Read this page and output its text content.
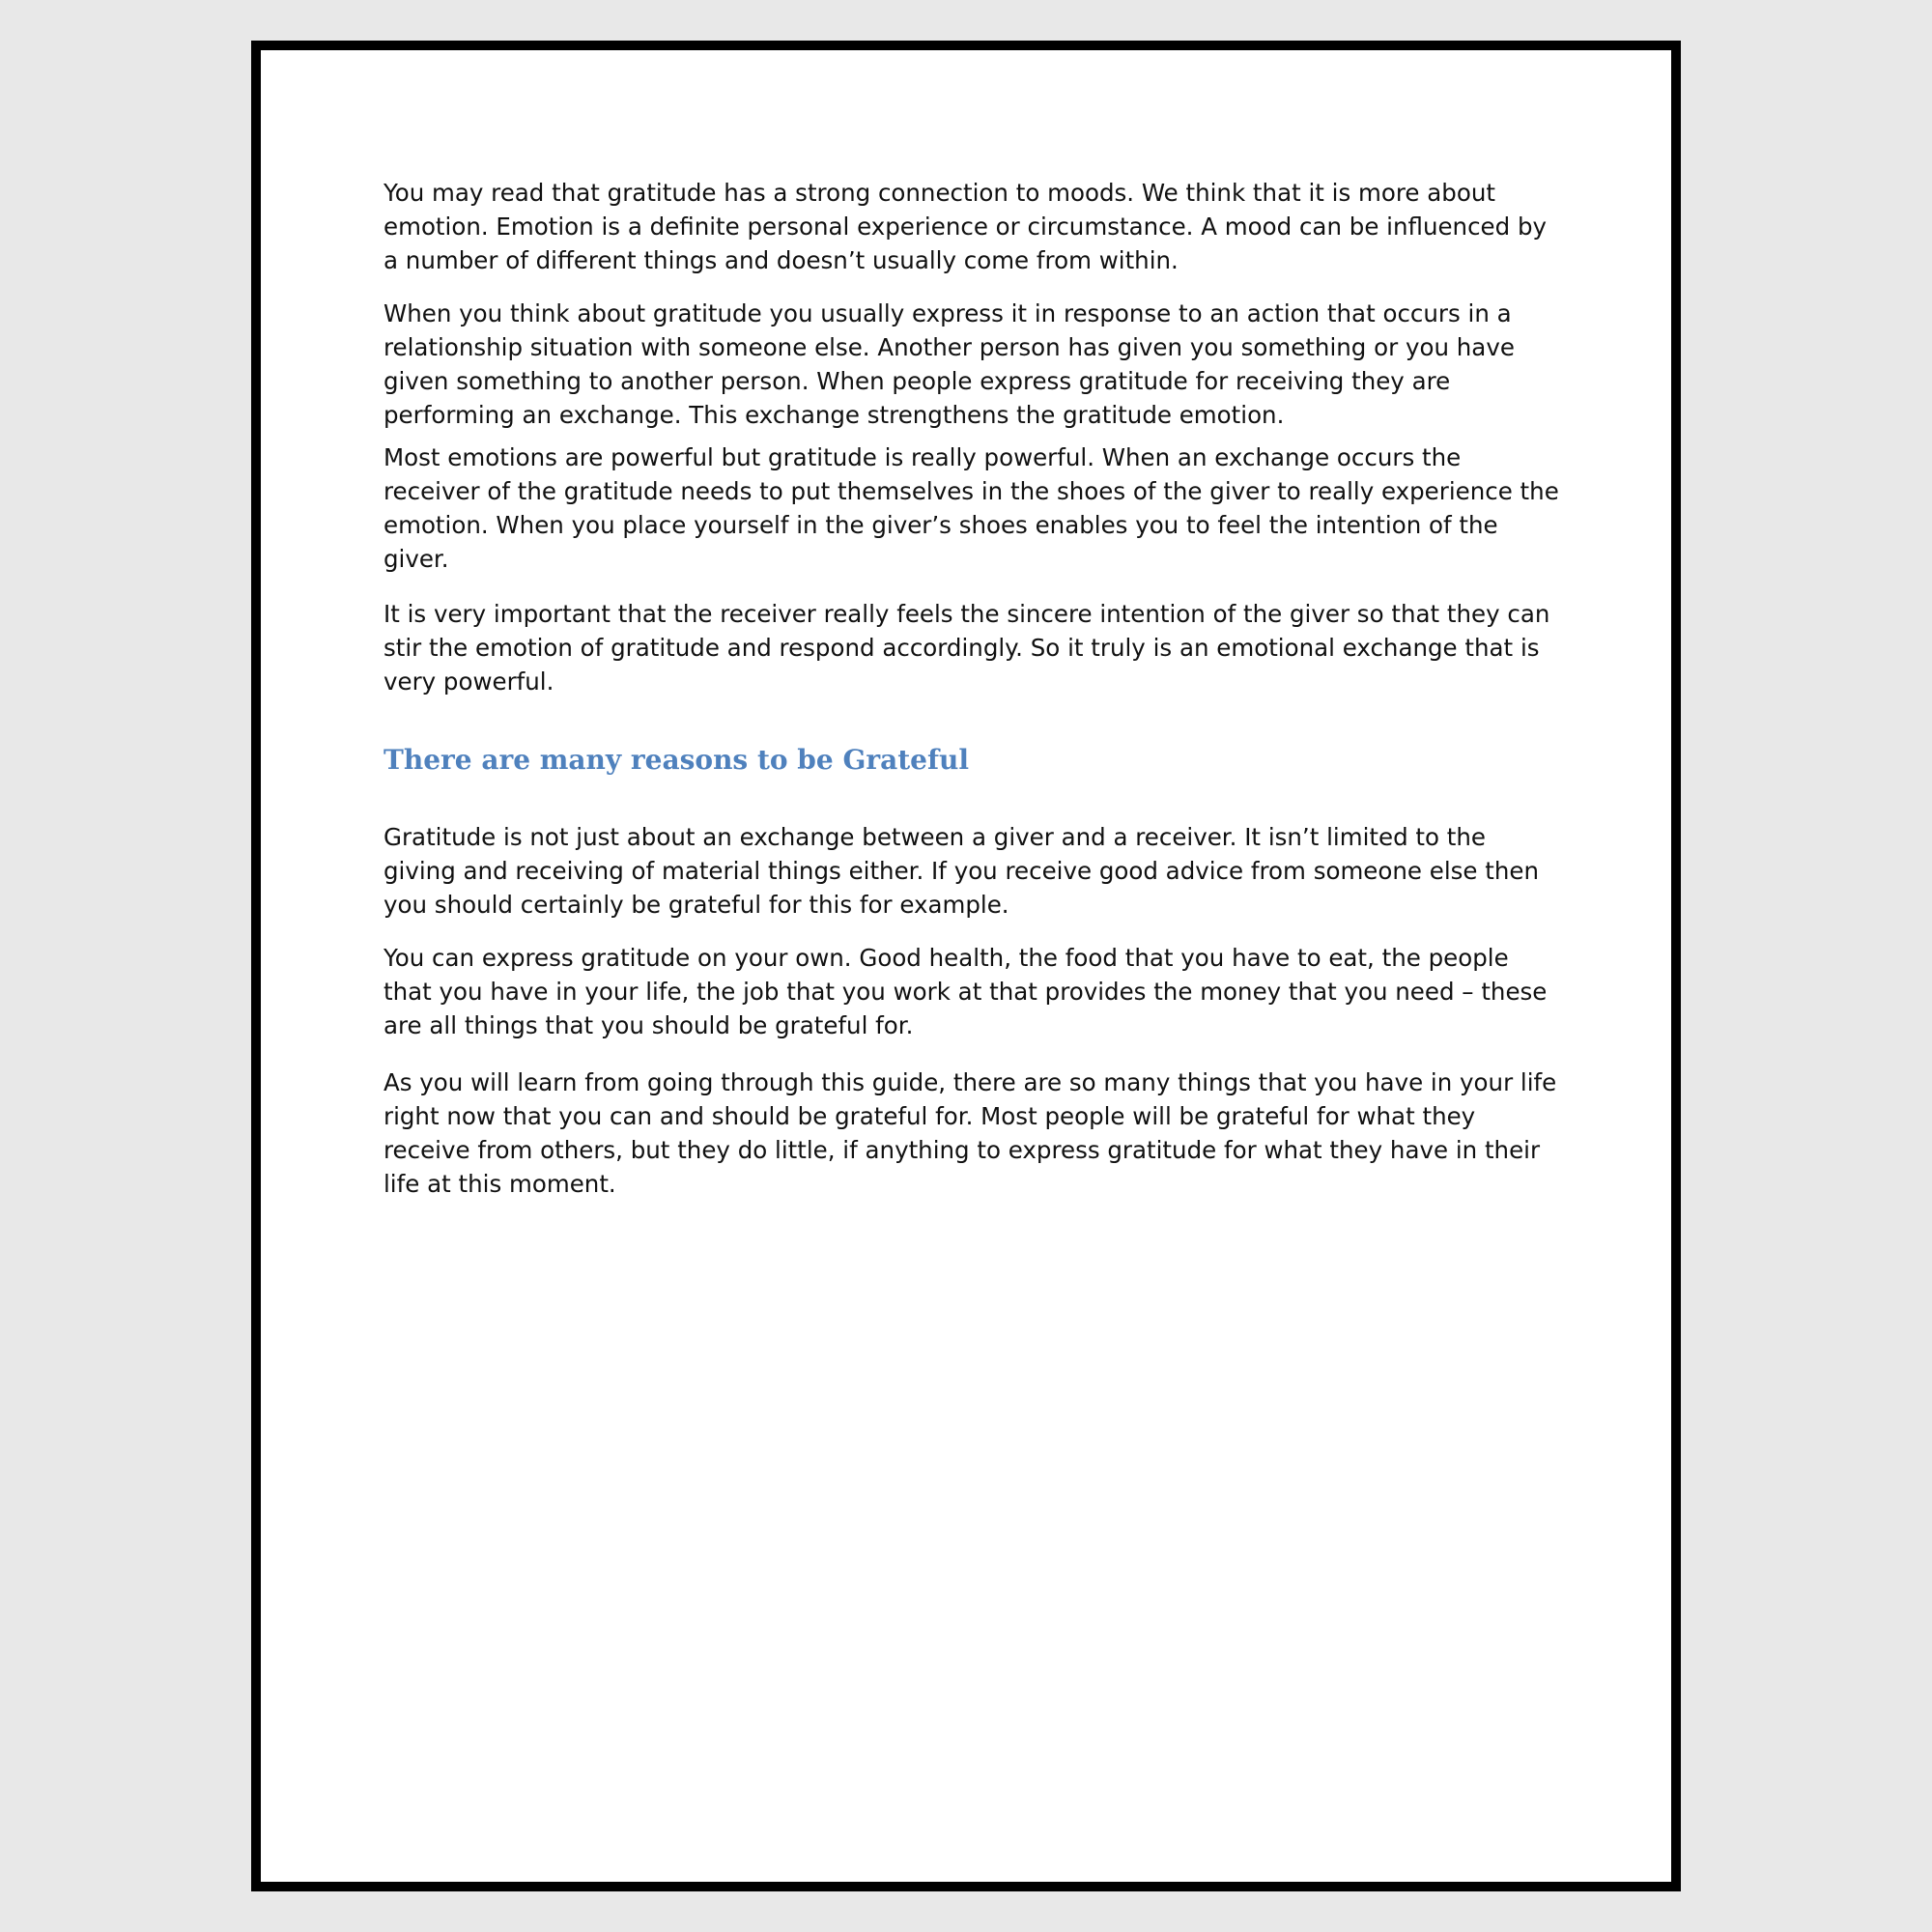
You may read that gratitude has a strong connection to moods. We think that it is more about emotion. Emotion is a definite personal experience or circumstance. A mood can be influenced by a number of different things and doesn’t usually come from within.

When you think about gratitude you usually express it in response to an action that occurs in a relationship situation with someone else. Another person has given you something or you have given something to another person. When people express gratitude for receiving they are performing an exchange. This exchange strengthens the gratitude emotion.

Most emotions are powerful but gratitude is really powerful. When an exchange occurs the receiver of the gratitude needs to put themselves in the shoes of the giver to really experience the emotion. When you place yourself in the giver’s shoes enables you to feel the intention of the giver.

It is very important that the receiver really feels the sincere intention of the giver so that they can stir the emotion of gratitude and respond accordingly. So it truly is an emotional exchange that is very powerful.

There are many reasons to be Grateful

Gratitude is not just about an exchange between a giver and a receiver. It isn’t limited to the giving and receiving of material things either. If you receive good advice from someone else then you should certainly be grateful for this for example.

You can express gratitude on your own. Good health, the food that you have to eat, the people that you have in your life, the job that you work at that provides the money that you need – these are all things that you should be grateful for.

As you will learn from going through this guide, there are so many things that you have in your life right now that you can and should be grateful for. Most people will be grateful for what they receive from others, but they do little, if anything to express gratitude for what they have in their life at this moment.
